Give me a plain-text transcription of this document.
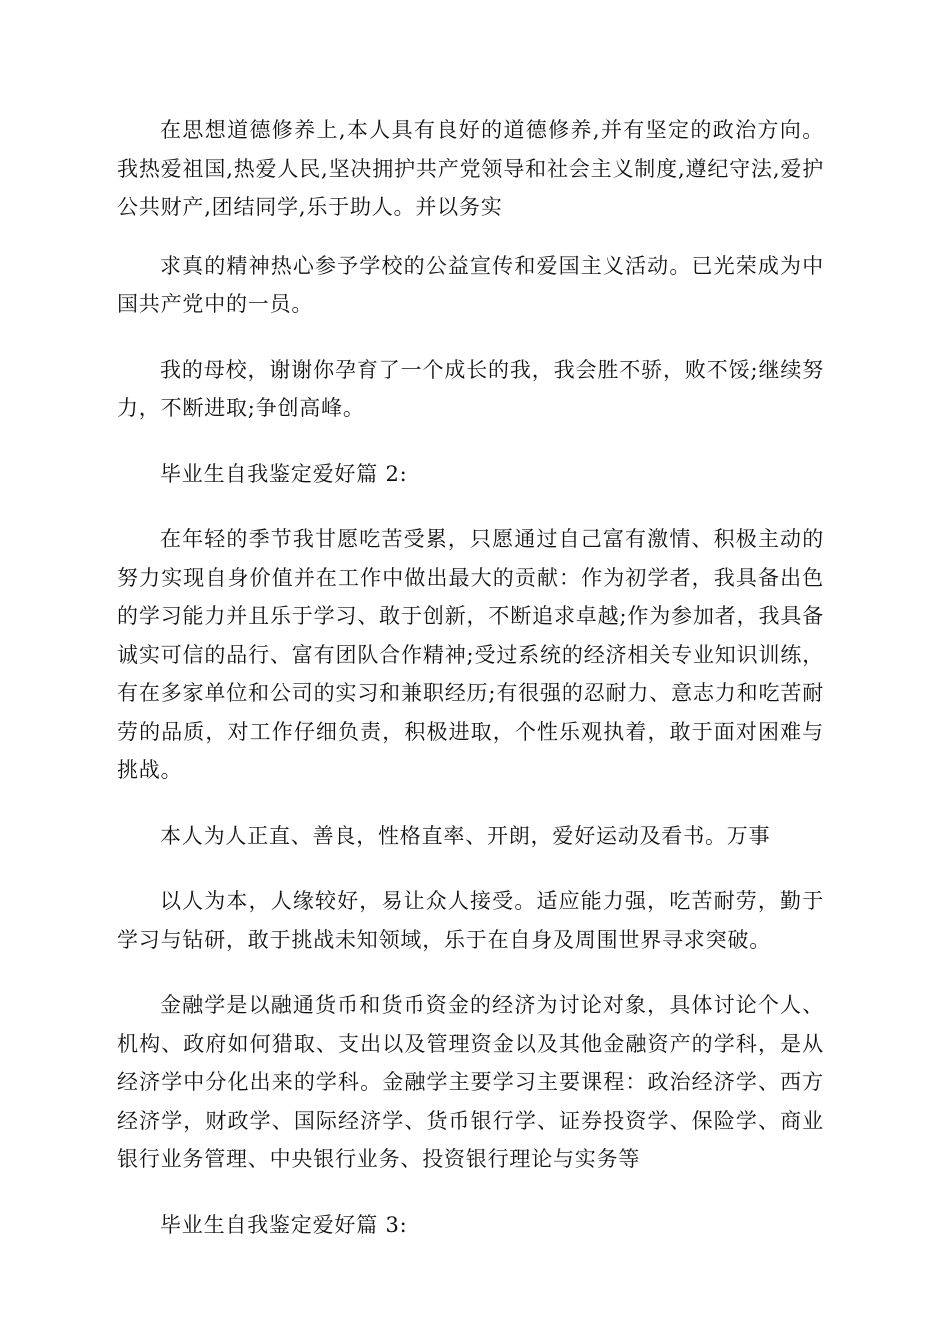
在思想道德修养上,本人具有良好的道德修养,并有坚定的政治方向。我热爱祖国,热爱人民,坚决拥护共产党领导和社会主义制度,遵纪守法,爱护公共财产,团结同学,乐于助人。并以务实

求真的精神热心参予学校的公益宣传和爱国主义活动。已光荣成为中国共产党中的一员。

我的母校，谢谢你孕育了一个成长的我，我会胜不骄，败不馁;继续努力，不断进取;争创高峰。

毕业生自我鉴定爱好篇 2:

在年轻的季节我甘愿吃苦受累，只愿通过自己富有激情、积极主动的努力实现自身价值并在工作中做出最大的贡献：作为初学者，我具备出色的学习能力并且乐于学习、敢于创新，不断追求卓越;作为参加者，我具备诚实可信的品行、富有团队合作精神;受过系统的经济相关专业知识训练，有在多家单位和公司的实习和兼职经历;有很强的忍耐力、意志力和吃苦耐劳的品质，对工作仔细负责，积极进取，个性乐观执着，敢于面对困难与挑战。

本人为人正直、善良，性格直率、开朗，爱好运动及看书。万事

以人为本，人缘较好，易让众人接受。适应能力强，吃苦耐劳，勤于学习与钻研，敢于挑战未知领域，乐于在自身及周围世界寻求突破。

金融学是以融通货币和货币资金的经济为讨论对象，具体讨论个人、机构、政府如何猎取、支出以及管理资金以及其他金融资产的学科，是从经济学中分化出来的学科。金融学主要学习主要课程：政治经济学、西方经济学，财政学、国际经济学、货币银行学、证券投资学、保险学、商业银行业务管理、中央银行业务、投资银行理论与实务等

毕业生自我鉴定爱好篇 3:
